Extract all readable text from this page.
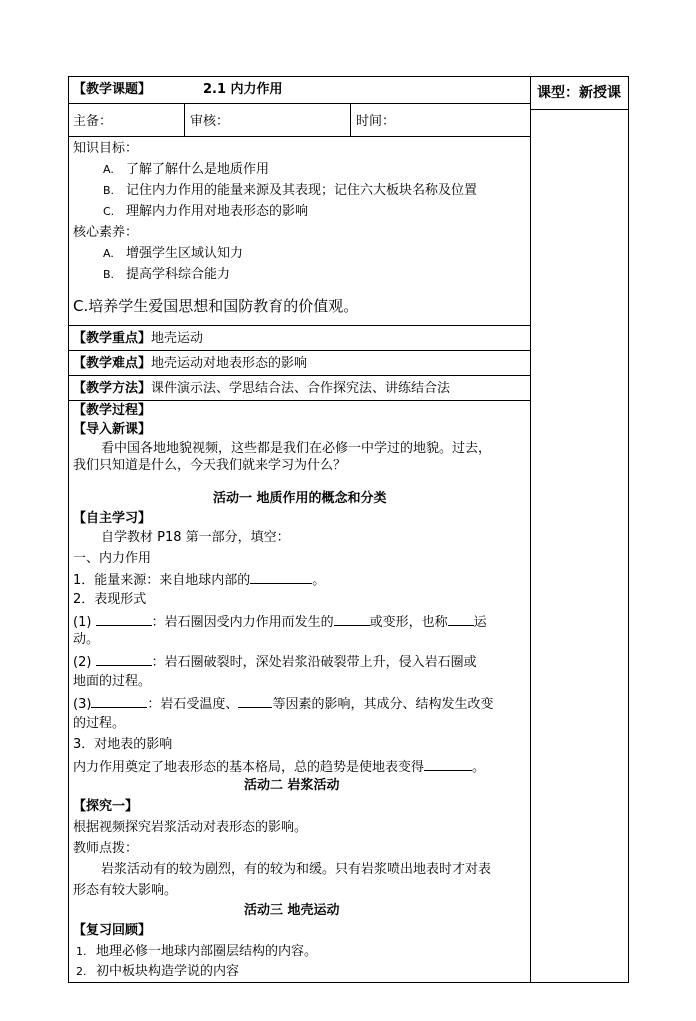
【教学课题】	2.1 内力作用	课型：新授课
主备：	审核：	时间：
知识目标：
A. 了解了解什么是地质作用
B. 记住内力作用的能量来源及其表现；记住六大板块名称及位置
C. 理解内力作用对地表形态的影响
核心素养：
A. 增强学生区域认知力
B. 提高学科综合能力
C.培养学生爱国思想和国防教育的价值观。
【教学重点】地壳运动
【教学难点】地壳运动对地表形态的影响
【教学方法】课件演示法、学思结合法、合作探究法、讲练结合法
【教学过程】
【导入新课】
看中国各地地貌视频，这些都是我们在必修一中学过的地貌。过去，
我们只知道是什么，今天我们就来学习为什么？
活动一 地质作用的概念和分类
【自主学习】
自学教材 P18 第一部分，填空：
一、内力作用
1．能量来源：来自地球内部的	。
2．表现形式
(1)	：岩石圈因受内力作用而发生的	或变形，也称 运
动。
(2)	：岩石圈破裂时，深处岩浆沿破裂带上升，侵入岩石圈或
地面的过程。
(3)	：岩石受温度、	等因素的影响，其成分、结构发生改变
的过程。
3．对地表的影响
内力作用奠定了地表形态的基本格局，总的趋势是使地表变得	。
活动二 岩浆活动
【探究一】
根据视频探究岩浆活动对表形态的影响。
教师点拨：
岩浆活动有的较为剧烈，有的较为和缓。只有岩浆喷出地表时才对表
形态有较大影响。
活动三 地壳运动
【复习回顾】
1. 地理必修一地球内部圈层结构的内容。
2. 初中板块构造学说的内容
